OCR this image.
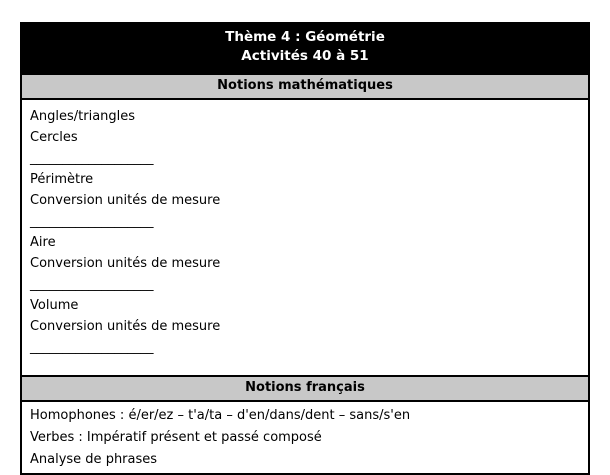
Thème 4 : Géométrie
Activités 40 à 51
Notions mathématiques
Angles/triangles
Cercles
___________________
Périmètre
Conversion unités de mesure
___________________
Aire
Conversion unités de mesure
___________________
Volume
Conversion unités de mesure
___________________
Notions français
Homophones : é/er/ez – t'a/ta – d'en/dans/dent – sans/s'en
Verbes : Impératif présent et passé composé
Analyse de phrases
